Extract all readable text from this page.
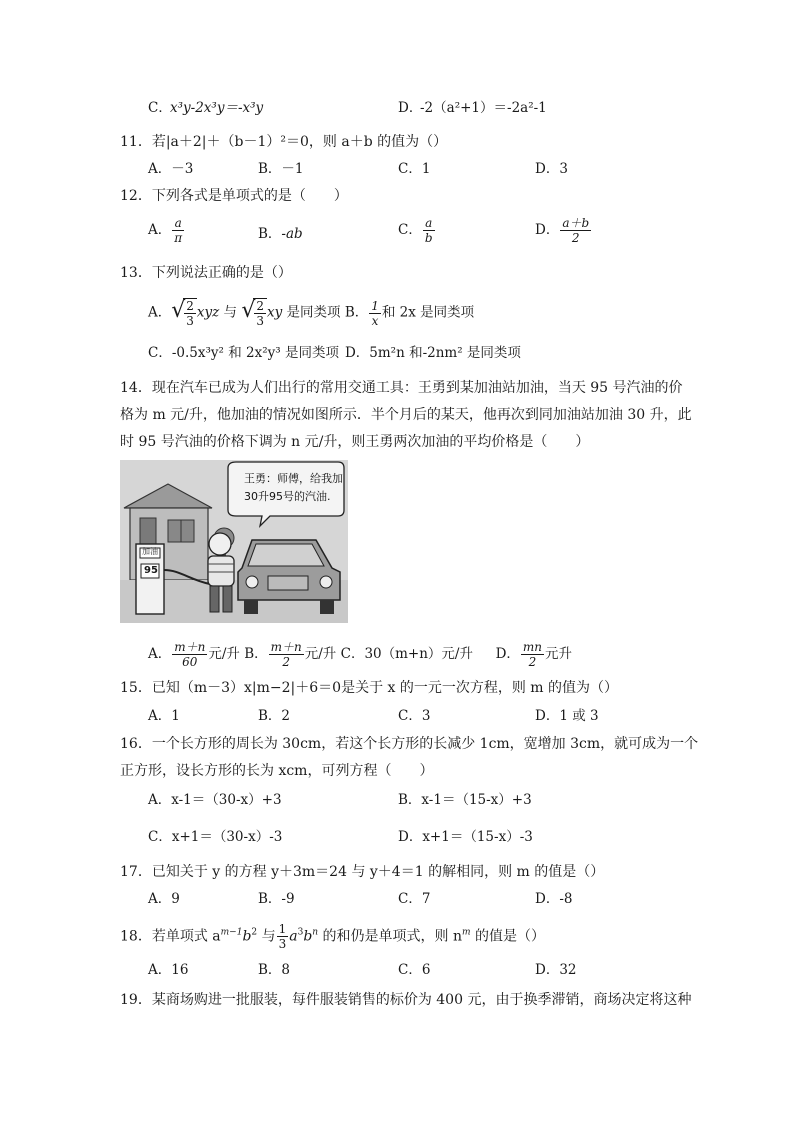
C．
x³y-2x³y＝-x³y	D．
-2（a²+1）＝-2a²-1
11．若|a＋2|＋（b－1）²＝0，则 a＋b 的值为（）
A．－3	B．－1	C．1	D．3
12．下列各式是单项式的是（　　）
A． $\frac{a}{\pi}$	B．-ab	C． $\frac{a}{b}$	D． $\frac{a+b}{2}$
13．下列说法正确的是（）
A． √
$\frac{2}{3}$ xyz 与 √
$\frac{2}{3}$ xy 是同类项 B． $\frac{1}{x}$ 和 2x 是同类项
C．-0.5x³y² 和 2x²y³ 是同类项 D．5m²n 和-2nm² 是同类项
14．现在汽车已成为人们出行的常用交通工具：王勇到某加油站加油，当天 95 号汽油的价
格为 m 元/升，他加油的情况如图所示．半个月后的某天，他再次到同加油站加油 30 升，此
时 95 号汽油的价格下调为 n 元/升，则王勇两次加油的平均价格是（　　）
王勇：师傅，给我加
30升95号的汽油.
加油
95
A． $\frac{m+n}{60}$ 元/升 B． $\frac{m+n}{2}$ 元/升 C．30（m+n）元/升 D． $\frac{mn}{2}$ 元升
15．已知（m－3）x|m−2|＋6＝0是关于 x 的一元一次方程，则 m 的值为（）
A．1	B．2	C．3	D．1 或 3
16．一个长方形的周长为 30cm，若这个长方形的长减少 1cm，宽增加 3cm，就可成为一个
正方形，设长方形的长为 xcm，可列方程（　　）
A．x-1＝（30-x）+3	B．x-1＝（15-x）+3
C．x+1＝（30-x）-3	D．x+1＝（15-x）-3
17．已知关于 y 的方程 y＋3m＝24 与 y＋4＝1 的解相同，则 m 的值是（）
A．9	B．-9	C．7	D．-8
18．若单项式 $a^{m-1}b^2$ 与 $\frac{1}{3} a^3b^n$ 的和仍是单项式，则 $n^m$ 的值是（）
A．16	B．8	C．6	D．32
19．某商场购进一批服装，每件服装销售的标价为 400 元，由于换季滞销，商场决定将这种
